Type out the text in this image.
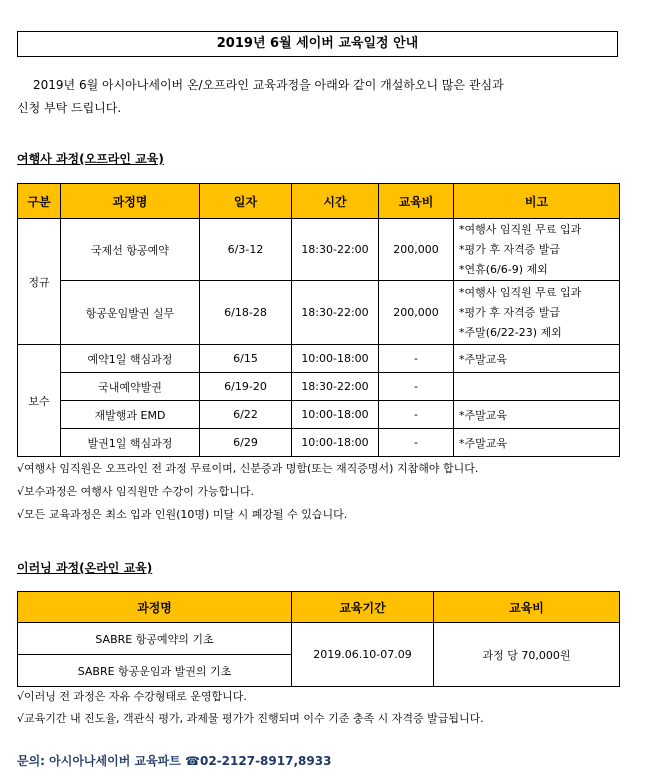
2019년 6월 세이버 교육일정 안내
2019년 6월 아시아나세이버 온/오프라인 교육과정을 아래와 같이 개설하오니 많은 관심과
신청 부탁 드립니다.
여행사 과정(오프라인 교육)
구분	과정명	일자	시간	교육비	비고
정규	국제선 항공예약	6/3-12	18:30-22:00	200,000	*여행사 임직원 무료 입과
*평가 후 자격증 발급
*연휴(6/6-9) 제외

	항공운임발권 실무	6/18-28	18:30-22:00	200,000	*여행사 임직원 무료 입과
*평가 후 자격증 발급
*주말(6/22-23) 제외

보수	예약1일 핵심과정	6/15	10:00-18:00	-	*주말교육
	국내예약발권	6/19-20	18:30-22:00	-	
	재발행과 EMD	6/22	10:00-18:00	-	*주말교육
	발권1일 핵심과정	6/29	10:00-18:00	-	*주말교육
√여행사 임직원은 오프라인 전 과정 무료이며, 신분증과 명함(또는 재직증명서) 지참해야 합니다.
√보수과정은 여행사 임직원만 수강이 가능합니다.
√모든 교육과정은 최소 입과 인원(10명) 미달 시 폐강될 수 있습니다.
이러닝 과정(온라인 교육)
과정명	교육기간	교육비
SABRE 항공예약의 기초	2019.06.10-07.09	과정 당 70,000원
SABRE 항공운임과 발권의 기초		
√이러닝 전 과정은 자유 수강형태로 운영합니다.
√교육기간 내 진도율, 객관식 평가, 과제물 평가가 진행되며 이수 기준 충족 시 자격증 발급됩니다.
문의: 아시아나세이버 교육파트 ☎02-2127-8917,8933
